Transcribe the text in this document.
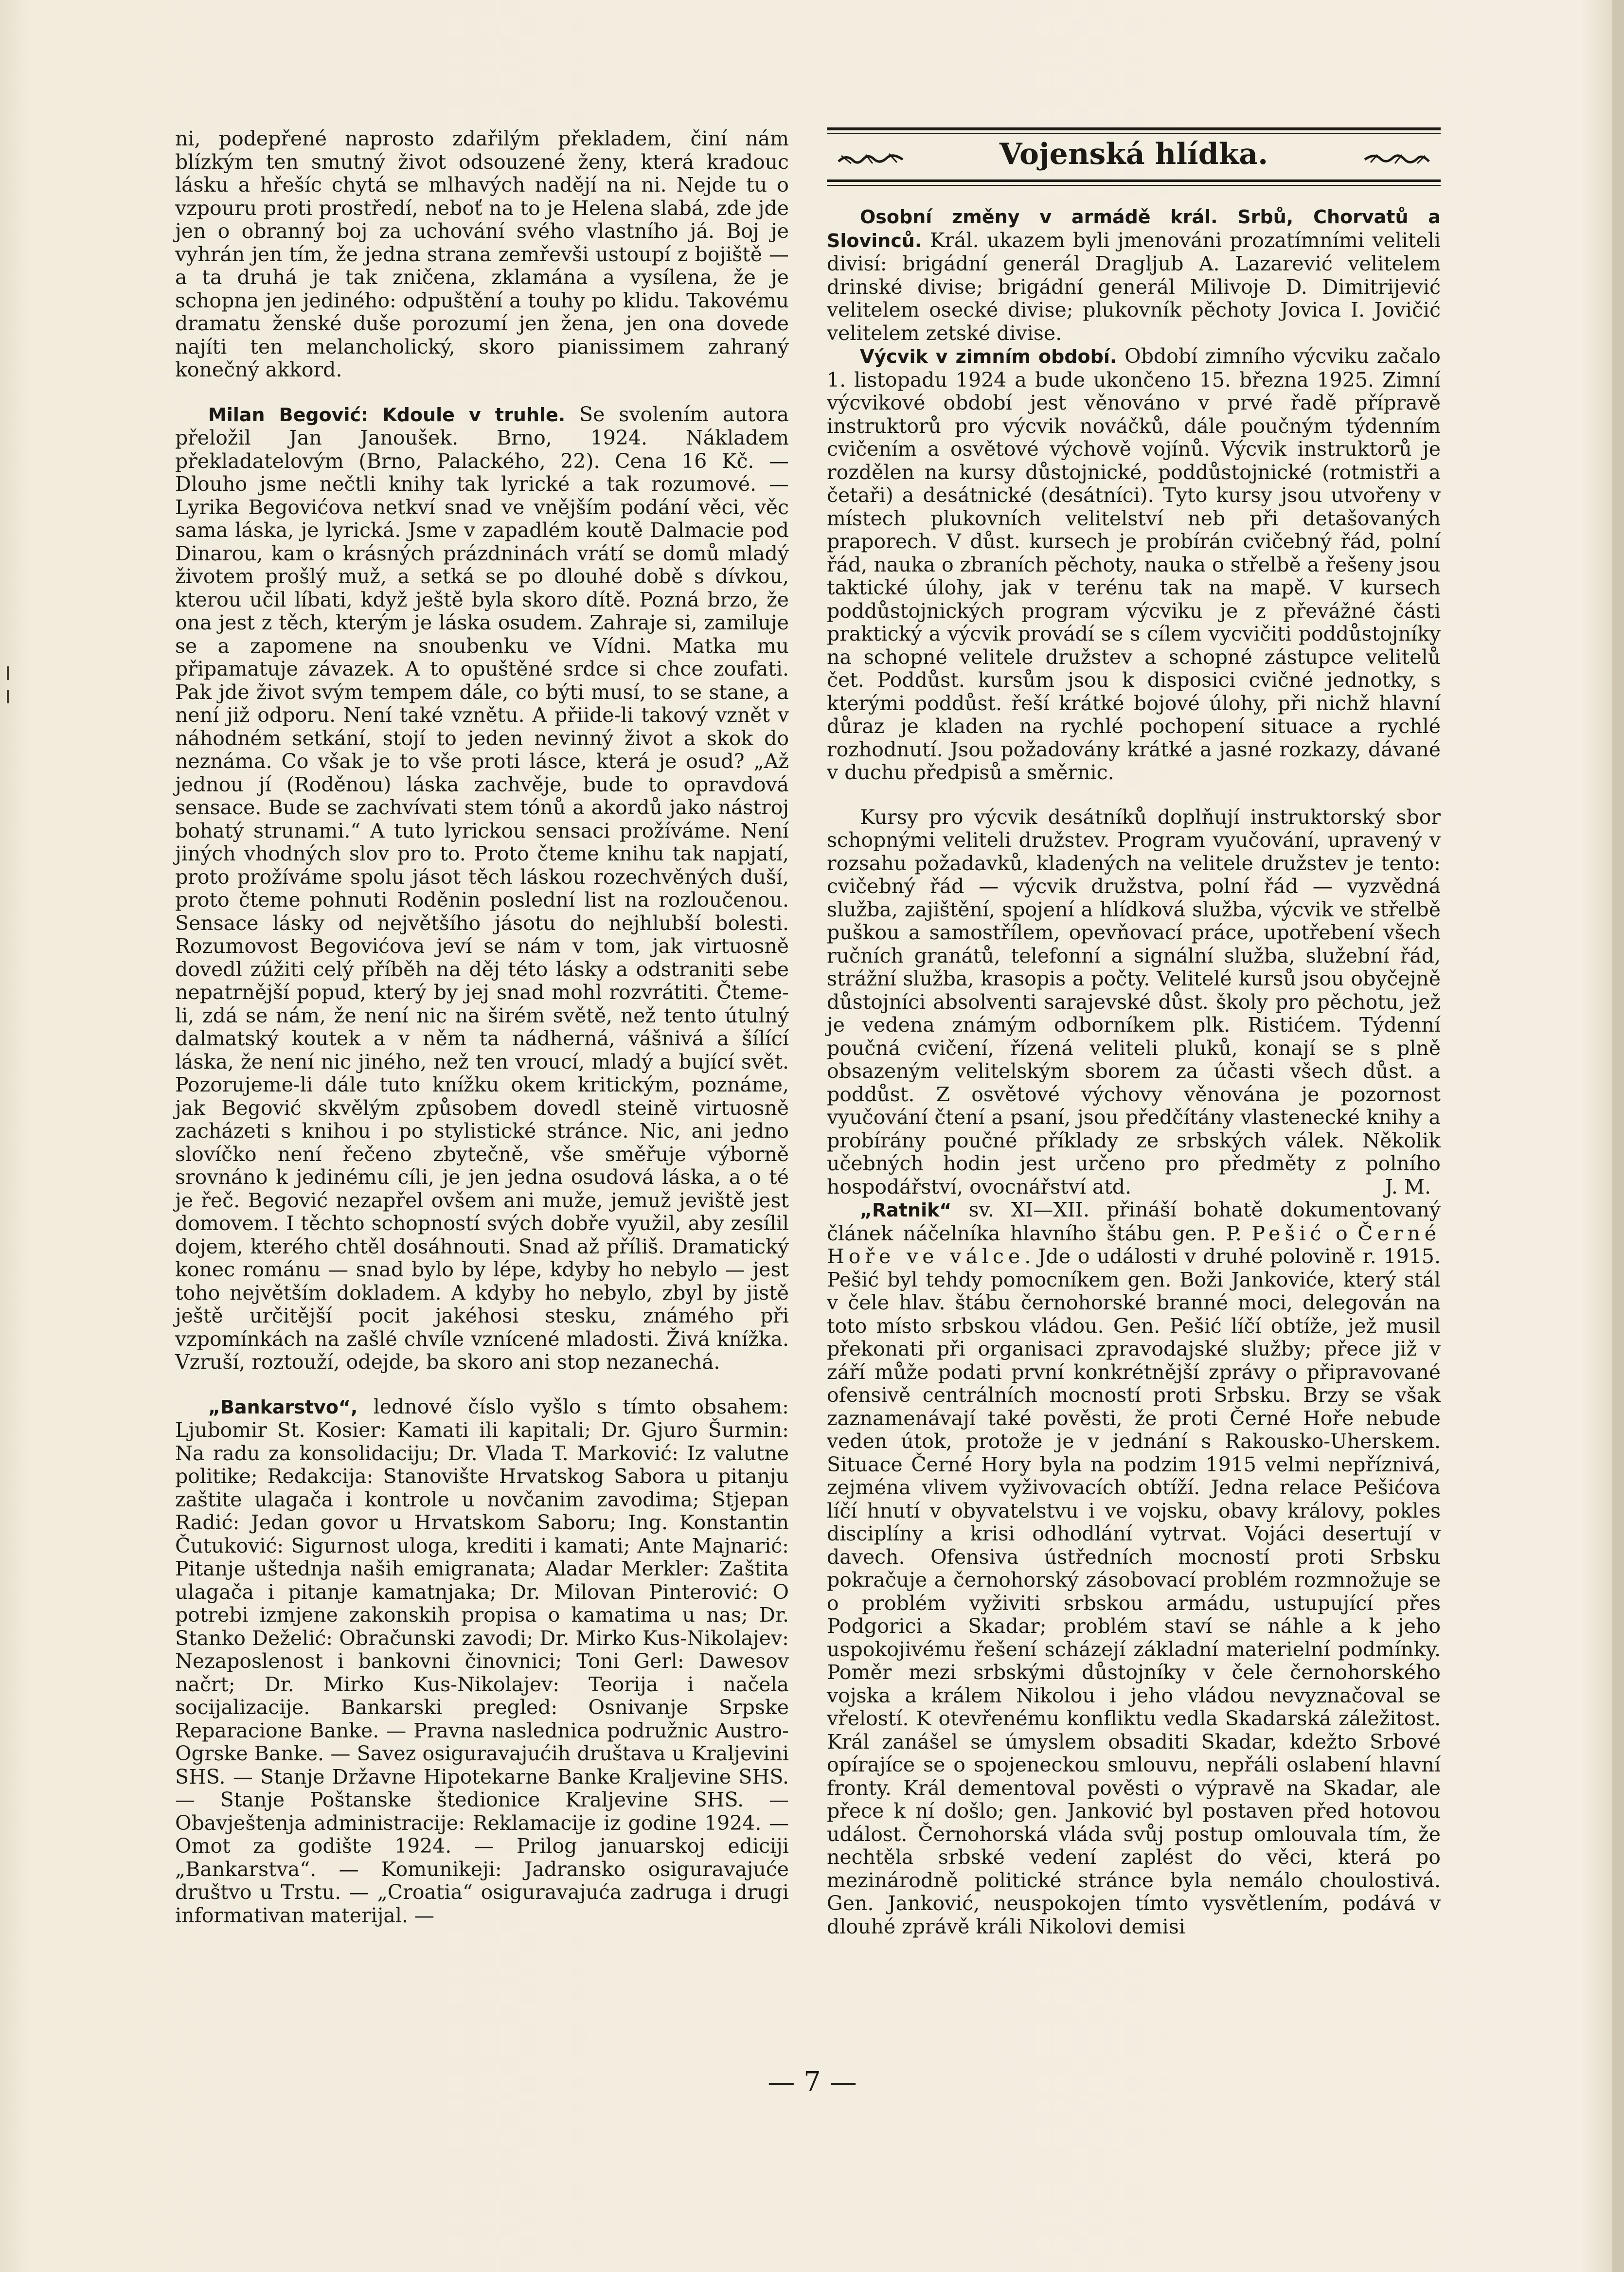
ni, podepřené naprosto zdařilým překladem, činí nám blízkým ten smutný život odsouzené ženy, která kradouc lásku a hřešíc chytá se mlhavých nadějí na ni. Nejde tu o vzpouru proti prostředí, neboť na to je Helena slabá, zde jde jen o obranný boj za uchování svého vlastního já. Boj je vyhrán jen tím, že jedna strana zemřevši ustoupí z bojiště — a ta druhá je tak zničena, zklamána a vysílena, že je schopna jen jediného: odpuštění a touhy po klidu. Takovému dramatu ženské duše porozumí jen žena, jen ona dovede najíti ten melancholický, skoro pianissimem zahraný konečný akkord.

Milan Begović: Kdoule v truhle. Se svolením autora přeložil Jan Janoušek. Brno, 1924. Nákladem překladatelovým (Brno, Palackého, 22). Cena 16 Kč. — Dlouho jsme nečtli knihy tak lyrické a tak rozumové. — Lyrika Begovićova netkví snad ve vnějším podání věci, věc sama láska, je lyrická. Jsme v zapadlém koutě Dalmacie pod Dinarou, kam o krásných prázdninách vrátí se domů mladý životem prošlý muž, a setká se po dlouhé době s dívkou, kterou učil líbati, když ještě byla skoro dítě. Pozná brzo, že ona jest z těch, kterým je láska osudem. Zahraje si, zamiluje se a zapomene na snoubenku ve Vídni. Matka mu připamatuje závazek. A to opuštěné srdce si chce zoufati. Pak jde život svým tempem dále, co býti musí, to se stane, a není již odporu. Není také vznětu. A přiide-li takový vznět v náhodném setkání, stojí to jeden nevinný život a skok do neznáma. Co však je to vše proti lásce, která je osud? „Až jednou jí (Roděnou) láska zachvěje, bude to opravdová sensace. Bude se zachvívati stem tónů a akordů jako nástroj bohatý strunami.“ A tuto lyrickou sensaci prožíváme. Není jiných vhodných slov pro to. Proto čteme knihu tak napjatí, proto prožíváme spolu jásot těch láskou rozechvěných duší, proto čteme pohnuti Roděnin poslední list na rozloučenou. Sensace lásky od největšího jásotu do nejhlubší bolesti. Rozumovost Begovićova jeví se nám v tom, jak virtuosně dovedl zúžiti celý příběh na děj této lásky a odstraniti sebe nepatrnější popud, který by jej snad mohl rozvrátiti. Čteme-li, zdá se nám, že není nic na širém světě, než tento útulný dalmatský koutek a v něm ta nádherná, vášnivá a šílící láska, že není nic jiného, než ten vroucí, mladý a bující svět. Pozorujeme-li dále tuto knížku okem kritickým, poznáme, jak Begović skvělým způsobem dovedl steině virtuosně zacházeti s knihou i po stylistické stránce. Nic, ani jedno slovíčko není řečeno zbytečně, vše směřuje výborně srovnáno k jedinému cíli, je jen jedna osudová láska, a o té je řeč. Begović nezapřel ovšem ani muže, jemuž jeviště jest domovem. I těchto schopností svých dobře využil, aby zesílil dojem, kterého chtěl dosáhnouti. Snad až příliš. Dramatický konec románu — snad bylo by lépe, kdyby ho nebylo — jest toho největším dokladem. A kdyby ho nebylo, zbyl by jistě ještě určitější pocit jakéhosi stesku, známého při vzpomínkách na zašlé chvíle vznícené mladosti. Živá knížka. Vzruší, roztouží, odejde, ba skoro ani stop nezanechá.

„Bankarstvo“, lednové číslo vyšlo s tímto obsahem: Ljubomir St. Kosier: Kamati ili kapitali; Dr. Gjuro Šurmin: Na radu za konsolidaciju; Dr. Vlada T. Marković: Iz valutne politike; Redakcija: Stanovište Hrvatskog Sabora u pitanju zaštite ulagača i kontrole u novčanim zavodima; Stjepan Radić: Jedan govor u Hrvatskom Saboru; Ing. Konstantin Čutuković: Sigurnost uloga, krediti i kamati; Ante Majnarić: Pitanje uštednja naših emigranata; Aladar Merkler: Zaštita ulagača i pitanje kamatnjaka; Dr. Milovan Pinterović: O potrebi izmjene zakonskih propisa o kamatima u nas; Dr. Stanko Deželić: Obračunski zavodi; Dr. Mirko Kus-Nikolajev: Nezaposlenost i bankovni činovnici; Toni Gerl: Dawesov načrt; Dr. Mirko Kus-Nikolajev: Teorija i načela socijalizacije. Bankarski pregled: Osnivanje Srpske Reparacione Banke. — Pravna naslednica podružnic Austro-Ogrske Banke. — Savez osiguravajućih društava u Kraljevini SHS. — Stanje Državne Hipotekarne Banke Kraljevine SHS. — Stanje Poštanske štedionice Kraljevine SHS. — Obavještenja administracije: Reklamacije iz godine 1924. — Omot za godište 1924. — Prilog januarskoj ediciji „Bankarstva“. — Komunikeji: Jadransko osiguravajuće društvo u Trstu. — „Croatia“ osiguravajuća zadruga i drugi informativan materijal. —

Vojenská hlídka.

Osobní změny v armádě král. Srbů, Chorvatů a Slovinců. Král. ukazem byli jmenováni prozatímními veliteli divisí: brigádní generál Dragljub A. Lazarević velitelem drinské divise; brigádní generál Milivoje D. Dimitrijević velitelem osecké divise; plukovník pěchoty Jovica I. Jovičić velitelem zetské divise.

Výcvik v zimním období. Období zimního výcviku začalo 1. listopadu 1924 a bude ukončeno 15. března 1925. Zimní výcvikové období jest věnováno v prvé řadě přípravě instruktorů pro výcvik nováčků, dále poučným týdenním cvičením a osvětové výchově vojínů. Výcvik instruktorů je rozdělen na kursy důstojnické, poddůstojnické (rotmistři a četaři) a desátnické (desátníci). Tyto kursy jsou utvořeny v místech plukovních velitelství neb při detašovaných praporech. V důst. kursech je probírán cvičebný řád, polní řád, nauka o zbraních pěchoty, nauka o střelbě a řešeny jsou taktické úlohy, jak v terénu tak na mapě. V kursech poddůstojnických program výcviku je z převážné části praktický a výcvik provádí se s cílem vycvičiti poddůstojníky na schopné velitele družstev a schopné zástupce velitelů čet. Poddůst. kursům jsou k disposici cvičné jednotky, s kterými poddůst. řeší krátké bojové úlohy, při nichž hlavní důraz je kladen na rychlé pochopení situace a rychlé rozhodnutí. Jsou požadovány krátké a jasné rozkazy, dávané v duchu předpisů a směrnic.

Kursy pro výcvik desátníků doplňují instruktorský sbor schopnými veliteli družstev. Program vyučování, upravený v rozsahu požadavků, kladených na velitele družstev je tento: cvičebný řád — výcvik družstva, polní řád — vyzvědná služba, zajištění, spojení a hlídková služba, výcvik ve střelbě puškou a samostřílem, opevňovací práce, upotřebení všech ručních granátů, telefonní a signální služba, služební řád, strážní služba, krasopis a počty. Velitelé kursů jsou obyčejně důstojníci absolventi sarajevské důst. školy pro pěchotu, jež je vedena známým odborníkem plk. Ristićem. Týdenní poučná cvičení, řízená veliteli pluků, konají se s plně obsazeným velitelským sborem za účasti všech důst. a poddůst. Z osvětové výchovy věnována je pozornost vyučování čtení a psaní, jsou předčítány vlastenecké knihy a probírány poučné příklady ze srbských válek. Několik učebných hodin jest určeno pro předměty z polního hospodářství, ovocnářství atd.	J. M.

„Ratnik“ sv. XI—XII. přináší bohatě dokumentovaný článek náčelníka hlavního štábu gen. P. Pešić o Černé Hoře ve válce. Jde o události v druhé polovině r. 1915. Pešić byl tehdy pomocníkem gen. Boži Jankoviće, který stál v čele hlav. štábu černohorské branné moci, delegován na toto místo srbskou vládou. Gen. Pešić líčí obtíže, jež musil překonati při organisaci zpravodajské služby; přece již v září může podati první konkrétnější zprávy o připravované ofensivě centrálních mocností proti Srbsku. Brzy se však zaznamenávají také pověsti, že proti Černé Hoře nebude veden útok, protože je v jednání s Rakousko-Uherskem. Situace Černé Hory byla na podzim 1915 velmi nepříznivá, zejména vlivem vyživovacích obtíží. Jedna relace Pešićova líčí hnutí v obyvatelstvu i ve vojsku, obavy královy, pokles disciplíny a krisi odhodlání vytrvat. Vojáci desertují v davech. Ofensiva ústředních mocností proti Srbsku pokračuje a černohorský zásobovací problém rozmnožuje se o problém vyživiti srbskou armádu, ustupující přes Podgorici a Skadar; problém staví se náhle a k jeho uspokojivému řešení scházejí základní materielní podmínky. Poměr mezi srbskými důstojníky v čele černohorského vojska a králem Nikolou i jeho vládou nevyznačoval se vřelostí. K otevřenému konfliktu vedla Skadarská záležitost. Král zanášel se úmyslem obsaditi Skadar, kdežto Srbové opírajíce se o spojeneckou smlouvu, nepřáli oslabení hlavní fronty. Král dementoval pověsti o výpravě na Skadar, ale přece k ní došlo; gen. Janković byl postaven před hotovou událost. Černohorská vláda svůj postup omlouvala tím, že nechtěla srbské vedení zaplést do věci, která po mezinárodně politické stránce byla nemálo choulostivá. Gen. Janković, neuspokojen tímto vysvětlením, podává v dlouhé zprávě králi Nikolovi demisi

— 7 —
